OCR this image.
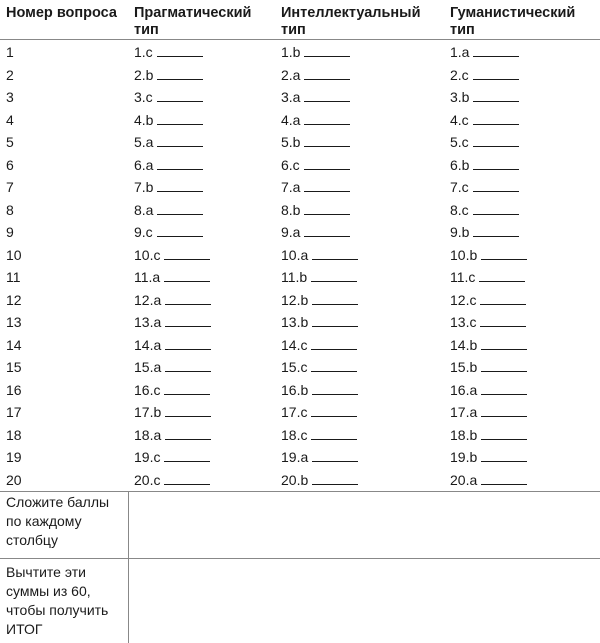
Номер вопроса	Прагматический тип	Интеллектуальный тип	Гуманистический тип
1	1.c	1.b	1.a
2	2.b	2.a	2.c
3	3.c	3.a	3.b
4	4.b	4.a	4.c
5	5.a	5.b	5.c
6	6.a	6.c	6.b
7	7.b	7.a	7.c
8	8.a	8.b	8.c
9	9.c	9.a	9.b
10	10.c	10.a	10.b
11	11.a	11.b	11.c
12	12.a	12.b	12.c
13	13.a	13.b	13.c
14	14.a	14.c	14.b
15	15.a	15.c	15.b
16	16.c	16.b	16.a
17	17.b	17.c	17.a
18	18.a	18.c	18.b
19	19.c	19.a	19.b
20	20.c	20.b	20.a
Сложите баллы по каждому столбцу			
Вычтите эти суммы из 60, чтобы получить ИТОГ			
